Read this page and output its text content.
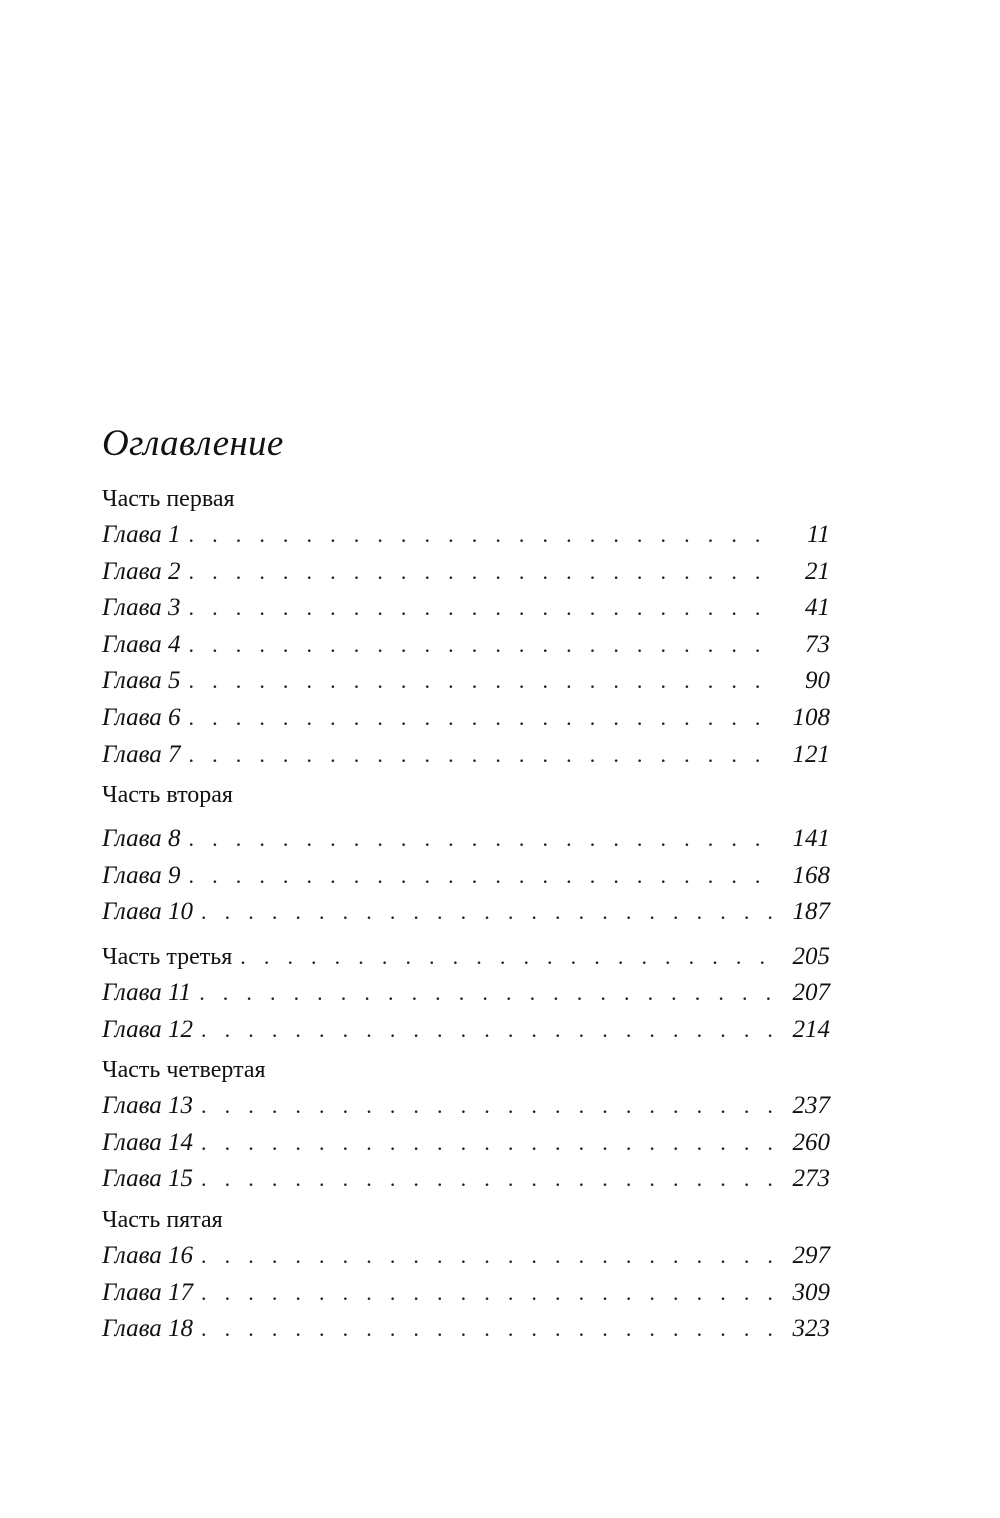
Оглавление
Часть первая
Глава 1 . . .	11
Глава 2 . . .	21
Глава 3 . . .	41
Глава 4 . . .	73
Глава 5 . . .	90
Глава 6 . . .	108
Глава 7 . . .	121
Часть вторая
Глава 8 . . .	141
Глава 9 . . .	168
Глава 10 . . .	187
Часть третья . . .	205
Глава 11 . . .	207
Глава 12 . . .	214
Часть четвертая
Глава 13 . . .	237
Глава 14 . . .	260
Глава 15 . . .	273
Часть пятая
Глава 16 . . .	297
Глава 17 . . .	309
Глава 18 . . .	323
